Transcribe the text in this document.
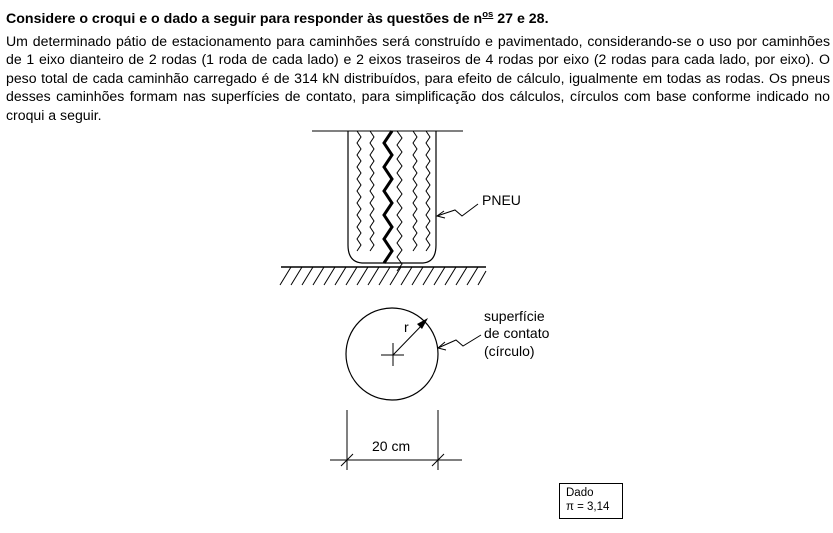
Considere o croqui e o dado a seguir para responder às questões de $n^{os}$ 27 e 28.
Um determinado pátio de estacionamento para caminhões será construído e pavimentado, considerando-se o uso por caminhões de 1 eixo dianteiro de 2 rodas (1 roda de cada lado) e 2 eixos traseiros de 4 rodas por eixo (2 rodas para cada lado, por eixo). O peso total de cada caminhão carregado é de 314 kN distribuídos, para efeito de cálculo, igualmente em todas as rodas. Os pneus desses caminhões formam nas superfícies de contato, para simplificação dos cálculos, círculos com base conforme indicado no croqui a seguir.
PNEU
r
superfície
de contato
(círculo)
20 cm
Dado
π = 3,14
